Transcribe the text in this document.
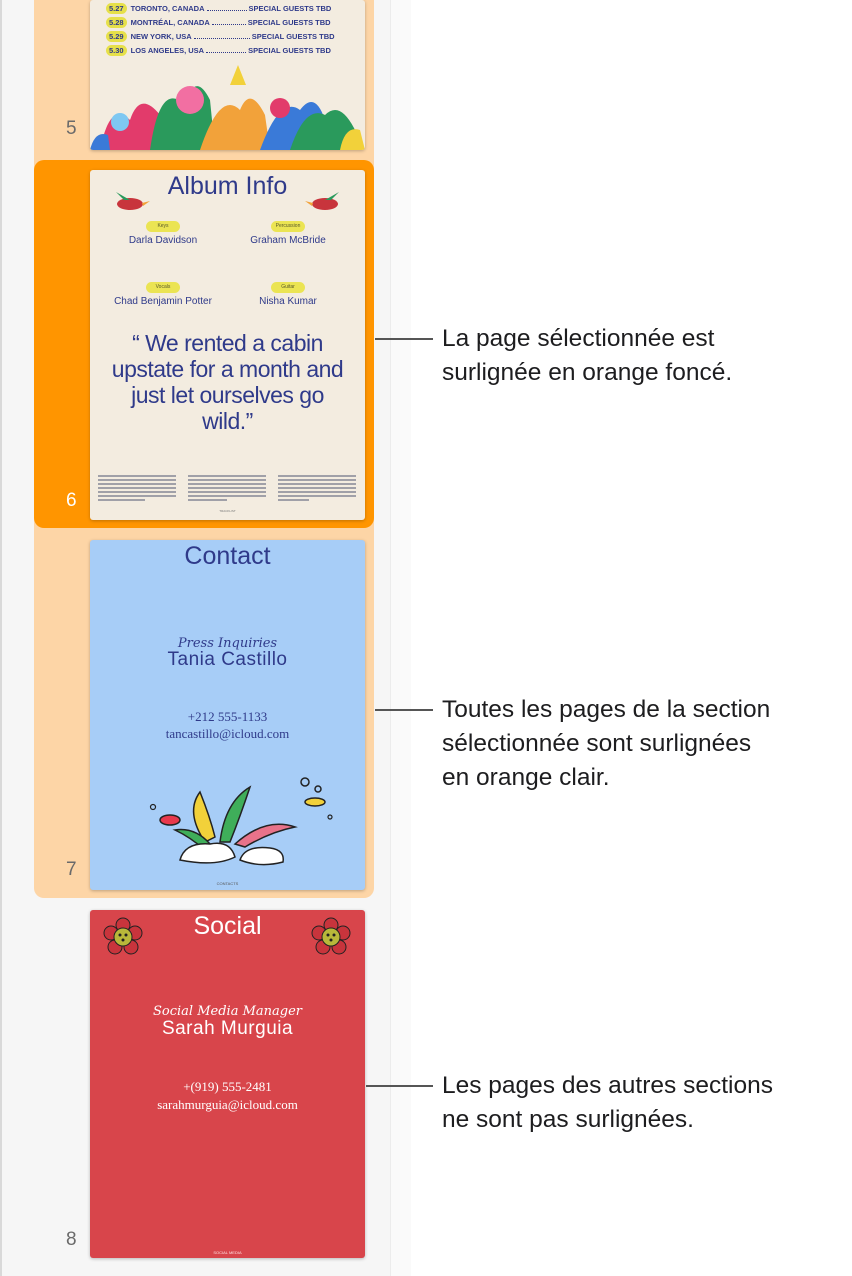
5
5.27 TORONTO, CANADA	SPECIAL GUESTS TBD
5.28 MONTRÉAL, CANADA	SPECIAL GUESTS TBD
5.29 NEW YORK, USA	SPECIAL GUESTS TBD
5.30 LOS ANGELES, USA	SPECIAL GUESTS TBD
6
Album Info
Keys
Darla Davidson
Percussion
Graham McBride
Vocals
Chad Benjamin Potter
Guitar
Nisha Kumar
“ We rented a cabin upstate for a month and just let ourselves go wild.”
TRACKLIST
7
Contact
Press Inquiries
Tania Castillo
+212 555-1133
tancastillo@icloud.com
CONTACTS
8
Social
Social Media Manager
Sarah Murguia
+(919) 555-2481
sarahmurguia@icloud.com
SOCIAL MEDIA
La page sélectionnée est
surlignée en orange foncé.
Toutes les pages de la section
sélectionnée sont surlignées
en orange clair.
Les pages des autres sections
ne sont pas surlignées.
